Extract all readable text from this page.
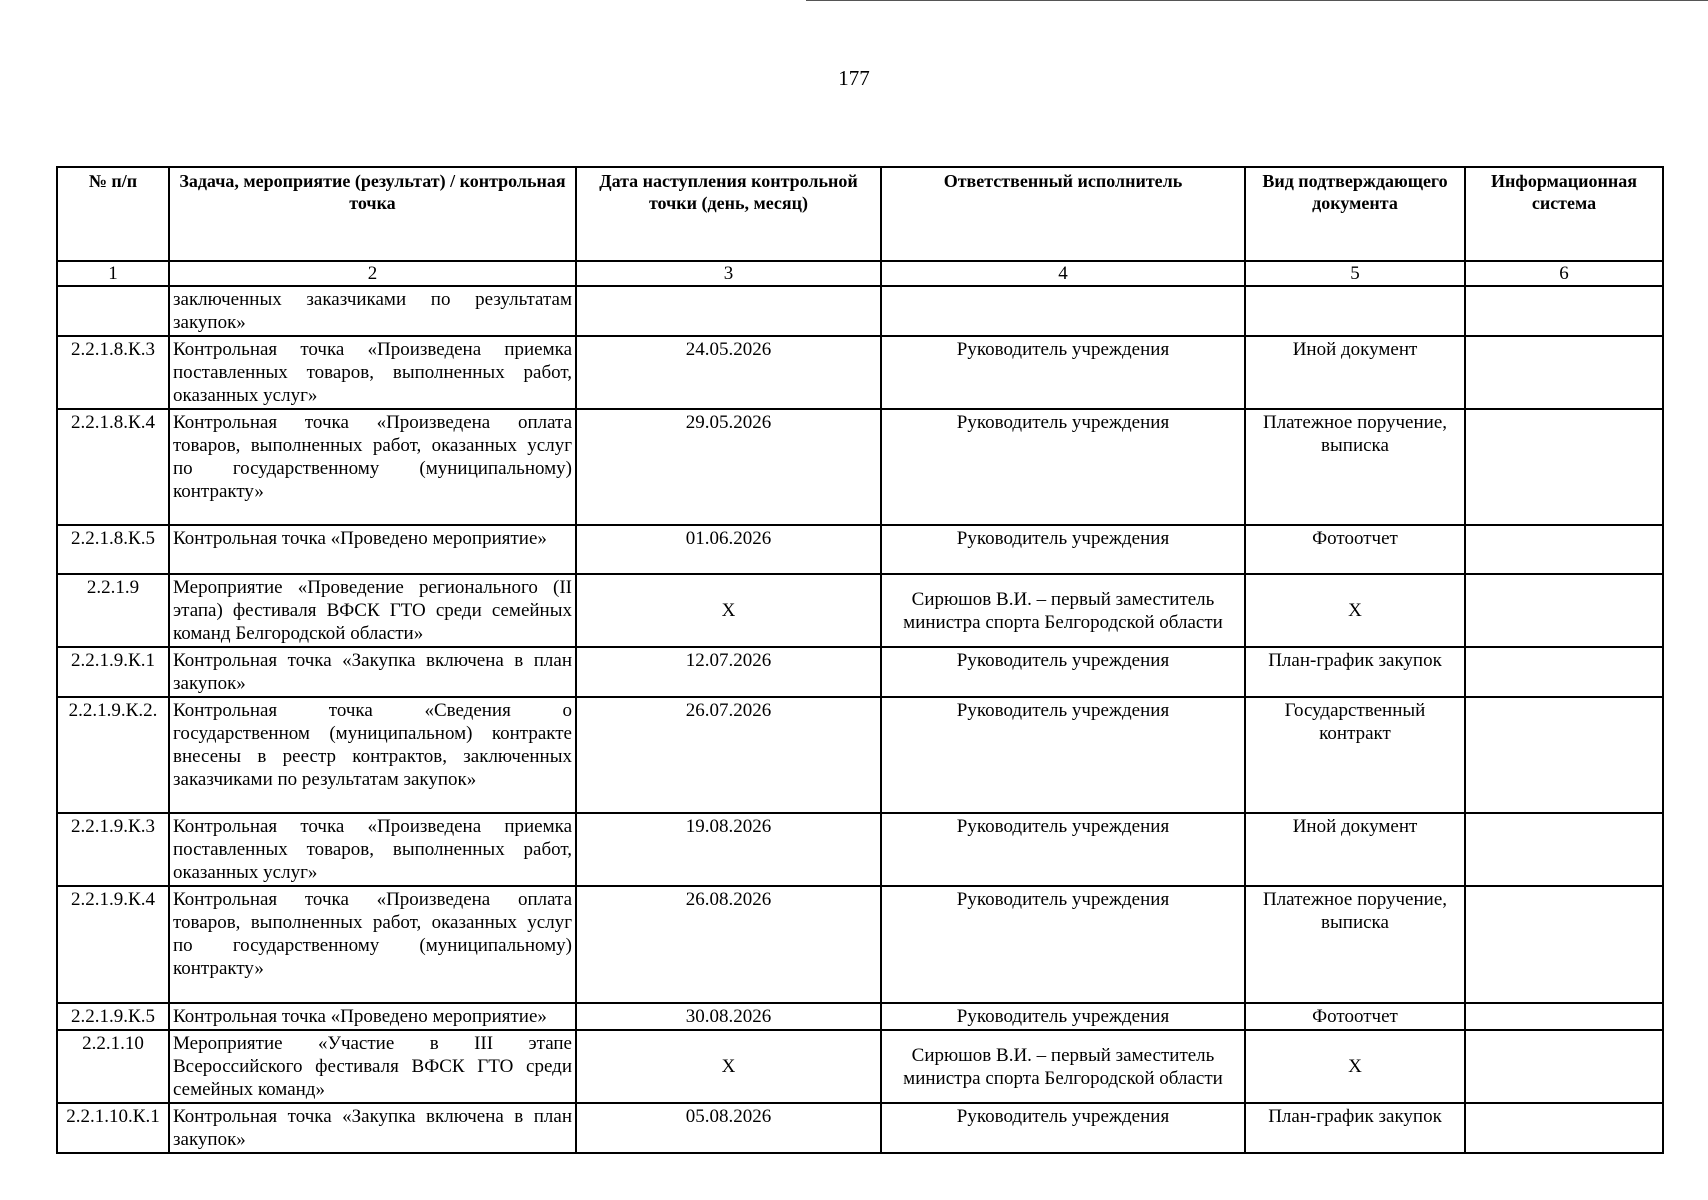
177
№ п/п	Задача, мероприятие (результат) / контрольная точка	Дата наступления контрольной точки (день, месяц)	Ответственный исполнитель	Вид подтверждающего документа	Информационная система
1	2	3	4	5	6
	заключенных заказчиками по результатам закупок»				
2.2.1.8.К.3	Контрольная точка «Произведена приемка поставленных товаров, выполненных работ, оказанных услуг»	24.05.2026	Руководитель учреждения	Иной документ	
2.2.1.8.К.4	Контрольная точка «Произведена оплата товаров, выполненных работ, оказанных услуг по государственному (муниципальному) контракту»	29.05.2026	Руководитель учреждения	Платежное поручение, выписка	
2.2.1.8.К.5	Контрольная точка «Проведено мероприятие»	01.06.2026	Руководитель учреждения	Фотоотчет	
2.2.1.9	Мероприятие «Проведение регионального (II этапа) фестиваля ВФСК ГТО среди семейных команд Белгородской области»	X	Сирюшов В.И. – первый заместитель министра спорта Белгородской области	X	
2.2.1.9.К.1	Контрольная точка «Закупка включена в план закупок»	12.07.2026	Руководитель учреждения	План-график закупок	
2.2.1.9.К.2.	Контрольная точка «Сведения о государственном (муниципальном) контракте внесены в реестр контрактов, заключенных заказчиками по результатам закупок»	26.07.2026	Руководитель учреждения	Государственный контракт	
2.2.1.9.К.3	Контрольная точка «Произведена приемка поставленных товаров, выполненных работ, оказанных услуг»	19.08.2026	Руководитель учреждения	Иной документ	
2.2.1.9.К.4	Контрольная точка «Произведена оплата товаров, выполненных работ, оказанных услуг по государственному (муниципальному) контракту»	26.08.2026	Руководитель учреждения	Платежное поручение, выписка	
2.2.1.9.К.5	Контрольная точка «Проведено мероприятие»	30.08.2026	Руководитель учреждения	Фотоотчет	
2.2.1.10	Мероприятие «Участие в III этапе Всероссийского фестиваля ВФСК ГТО среди семейных команд»	X	Сирюшов В.И. – первый заместитель министра спорта Белгородской области	X	
2.2.1.10.К.1	Контрольная точка «Закупка включена в план закупок»	05.08.2026	Руководитель учреждения	План-график закупок	
